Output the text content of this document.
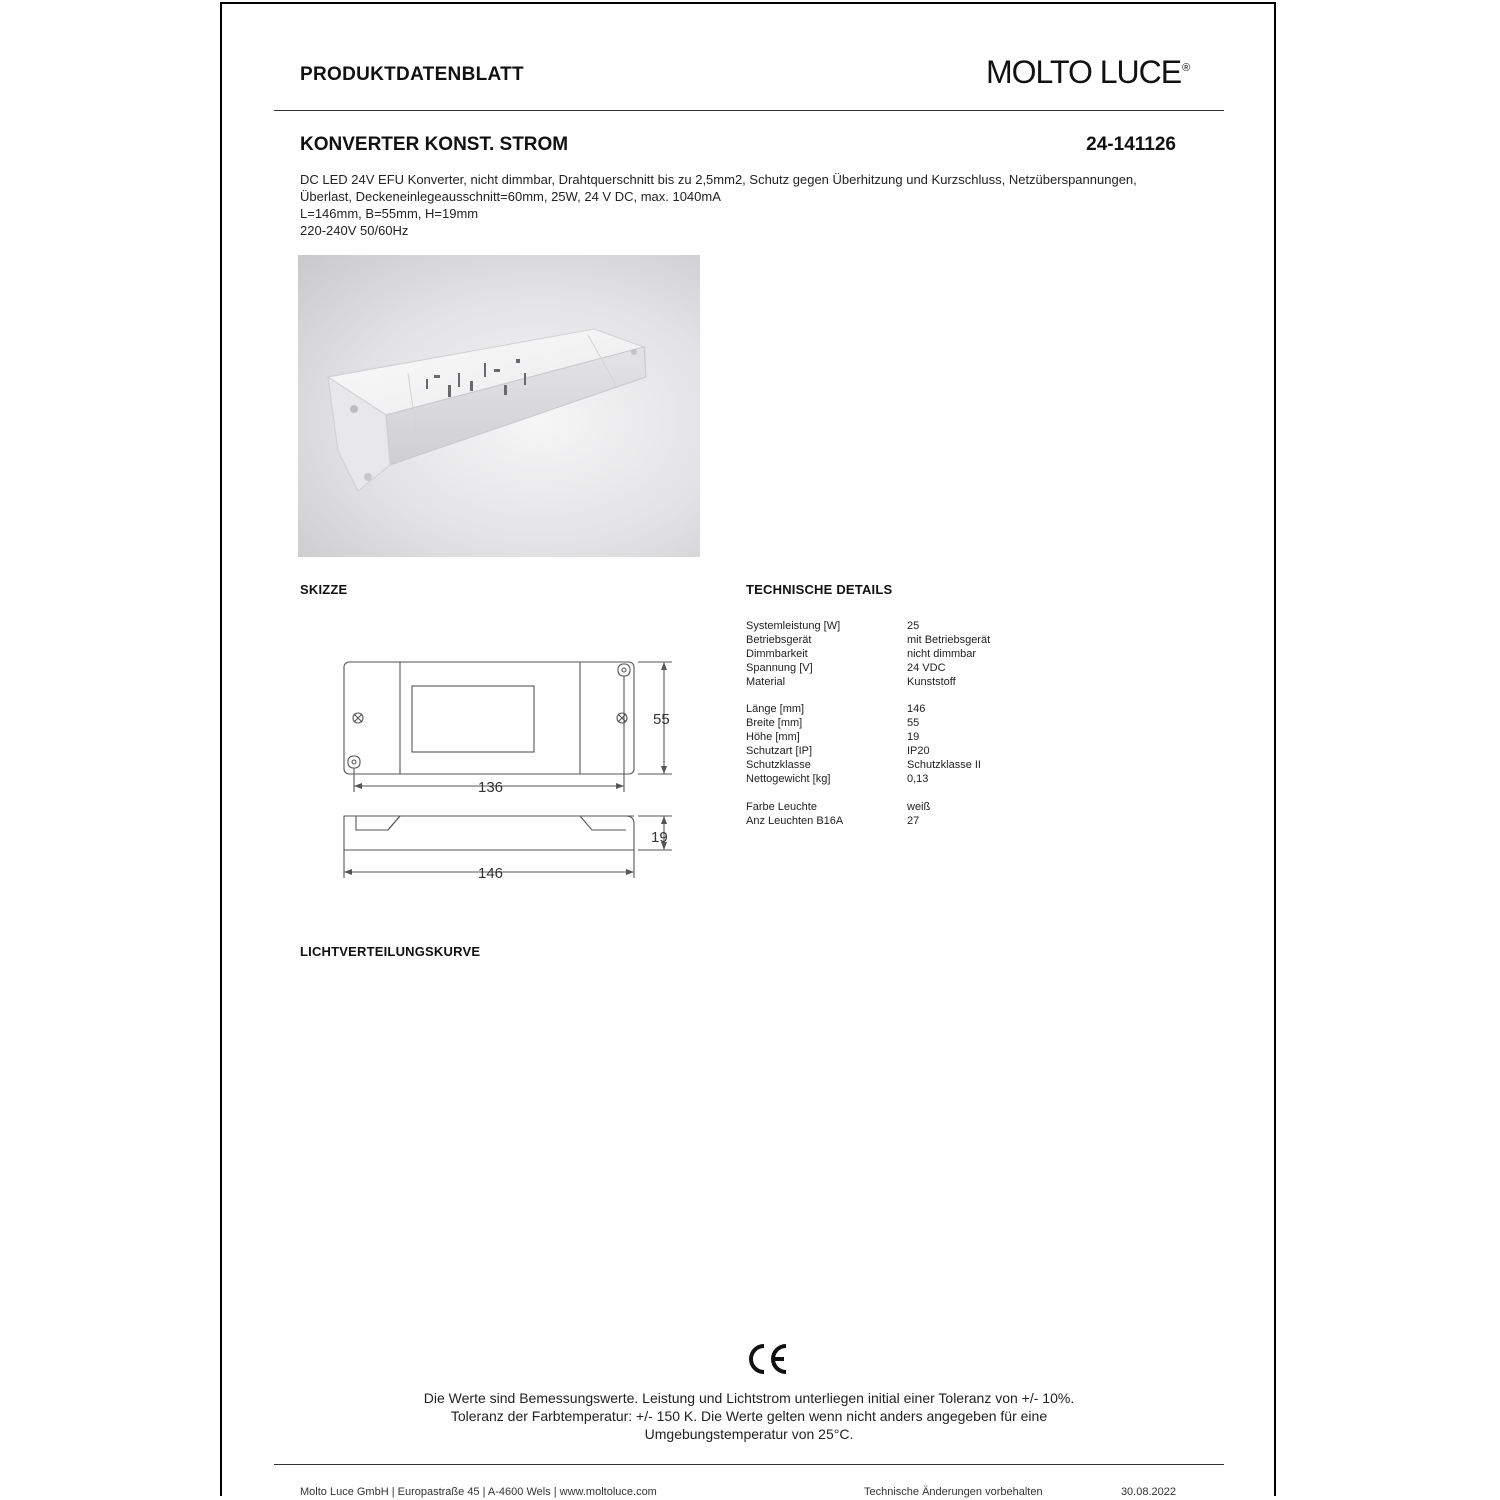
PRODUKTDATENBLATT	MOLTO LUCE®
KONVERTER KONST. STROM	24-141126
DC LED 24V EFU Konverter, nicht dimmbar, Drahtquerschnitt bis zu 2,5mm2, Schutz gegen Überhitzung und Kurzschluss, Netzüberspannungen,
Überlast, Deckeneinlegeausschnitt=60mm, 25W, 24 V DC, max. 1040mA
L=146mm, B=55mm, H=19mm
220-240V 50/60Hz
SKIZZE	TECHNISCHE DETAILS
55
136
19
146
Systemleistung [W]	25
Betriebsgerät	mit Betriebsgerät
Dimmbarkeit	nicht dimmbar
Spannung [V]	24 VDC
Material	Kunststoff
Länge [mm]	146
Breite [mm]	55
Höhe [mm]	19
Schutzart [IP]	IP20
Schutzklasse	Schutzklasse II
Nettogewicht [kg]	0,13
Farbe Leuchte	weiß
Anz Leuchten B16A	27
LICHTVERTEILUNGSKURVE
Die Werte sind Bemessungswerte. Leistung und Lichtstrom unterliegen initial einer Toleranz von +/- 10%.
Toleranz der Farbtemperatur: +/- 150 K. Die Werte gelten wenn nicht anders angegeben für eine
Umgebungstemperatur von 25°C.
Molto Luce GmbH | Europastraße 45 | A-4600 Wels | www.moltoluce.com	Technische Änderungen vorbehalten	30.08.2022
